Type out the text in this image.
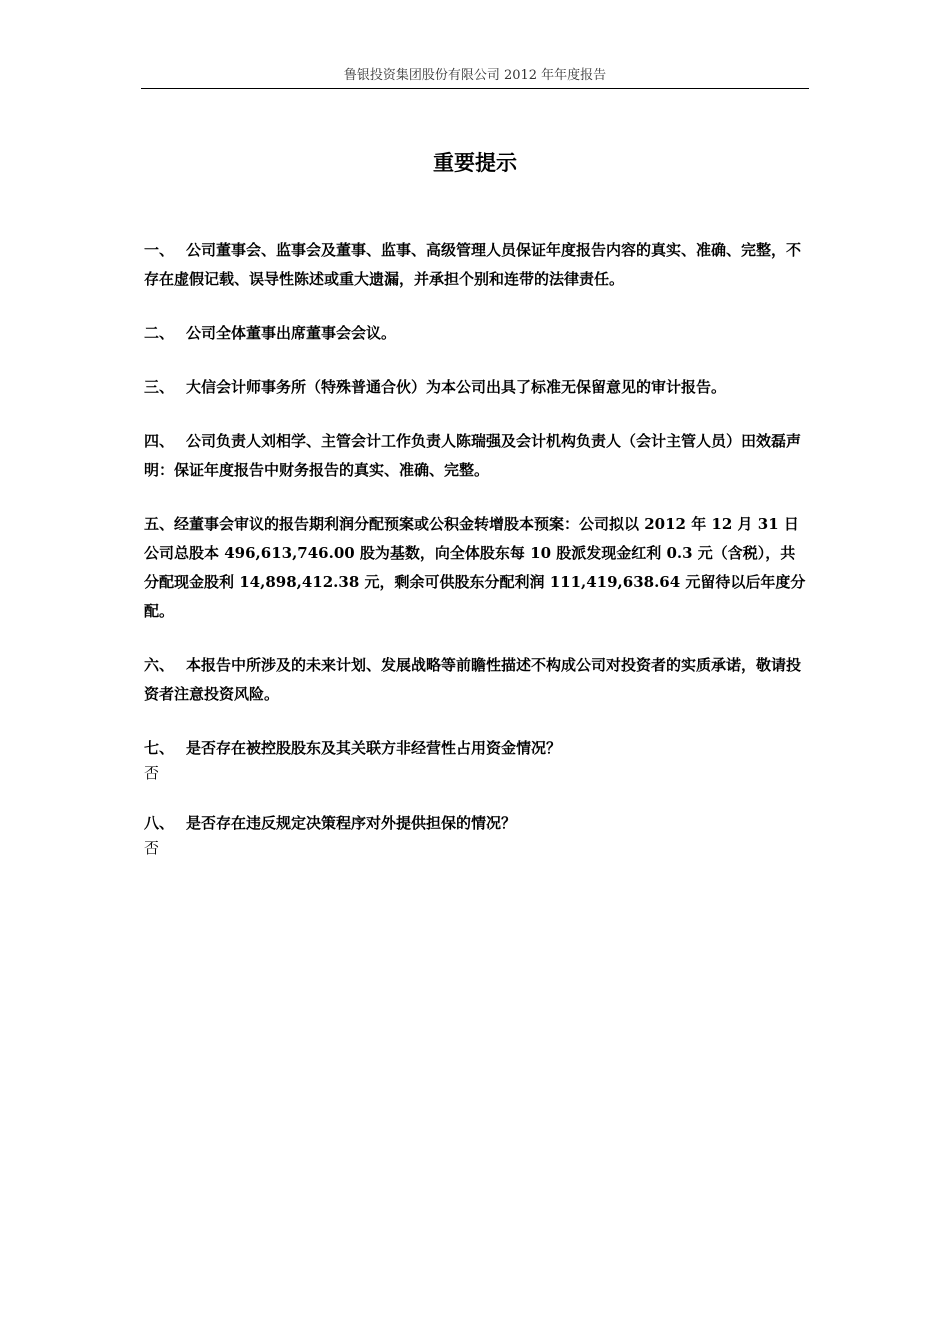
鲁银投资集团股份有限公司 2012 年年度报告
重要提示
一、 公司董事会、监事会及董事、监事、高级管理人员保证年度报告内容的真实、准确、完整，不存在虚假记载、误导性陈述或重大遗漏，并承担个别和连带的法律责任。
二、 公司全体董事出席董事会会议。
三、 大信会计师事务所（特殊普通合伙）为本公司出具了标准无保留意见的审计报告。
四、 公司负责人刘相学、主管会计工作负责人陈瑞强及会计机构负责人（会计主管人员）田效磊声明：保证年度报告中财务报告的真实、准确、完整。
五、经董事会审议的报告期利润分配预案或公积金转增股本预案：公司拟以 2012 年 12 月 31 日公司总股本 496,613,746.00 股为基数，向全体股东每 10 股派发现金红利 0.3 元（含税），共分配现金股利 14,898,412.38 元，剩余可供股东分配利润 111,419,638.64 元留待以后年度分配。
六、 本报告中所涉及的未来计划、发展战略等前瞻性描述不构成公司对投资者的实质承诺，敬请投资者注意投资风险。
七、 是否存在被控股股东及其关联方非经营性占用资金情况？
否
八、 是否存在违反规定决策程序对外提供担保的情况？
否
